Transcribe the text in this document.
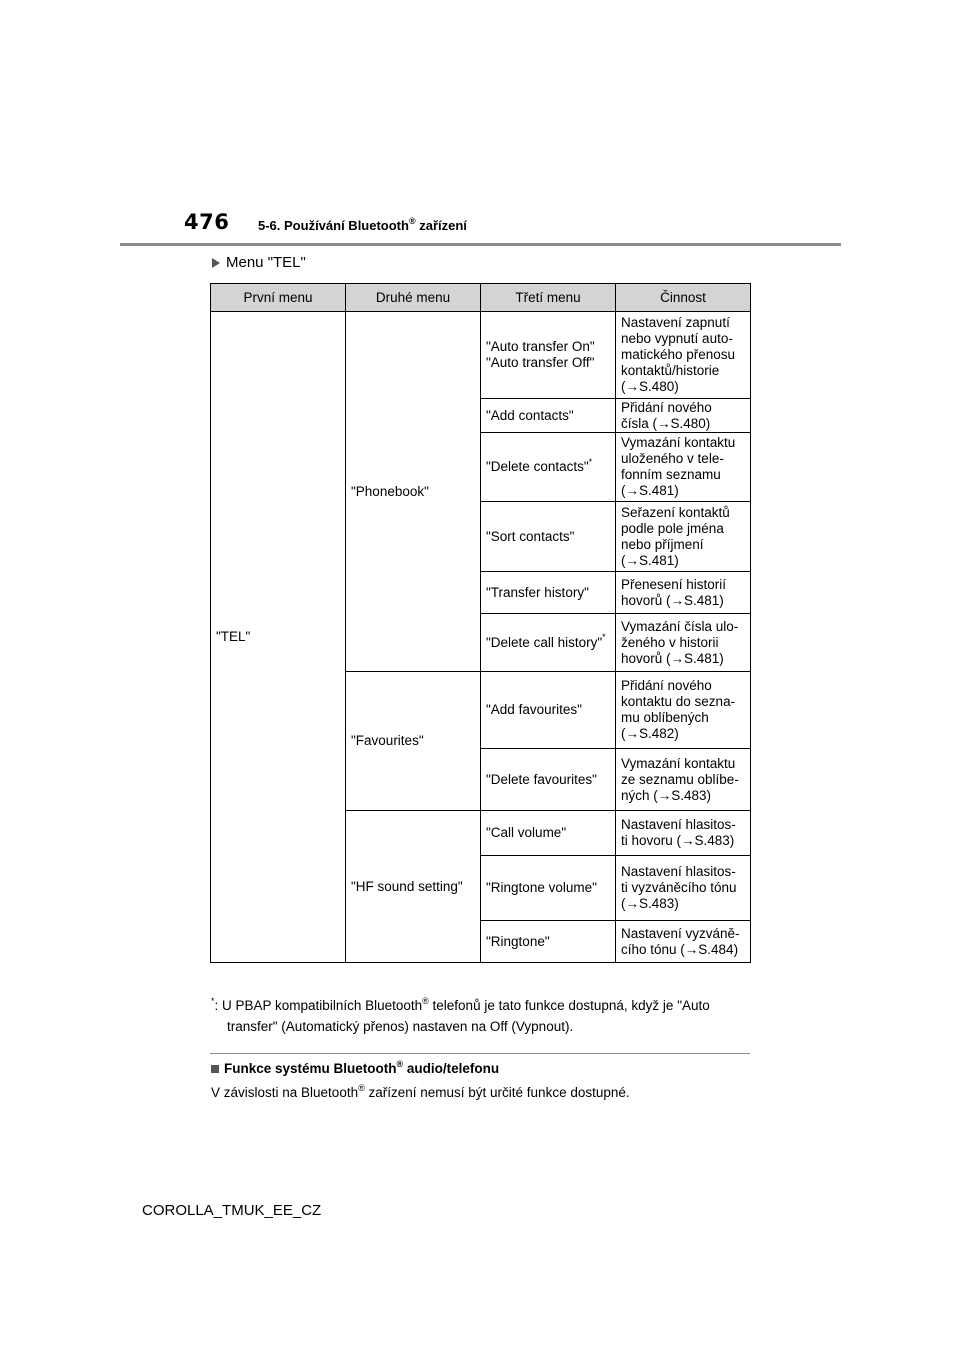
476 5-6. Používání Bluetooth® zařízení
Menu "TEL"
První menu	Druhé menu	Třetí menu	Činnost
"TEL"	"Phonebook"	"Auto transfer On"
"Auto transfer Off"	Nastavení zapnutí
nebo vypnutí auto-
matického přenosu
kontaktů/historie
(→S.480)
		"Add contacts"	Přidání nového
čísla (→S.480)
		"Delete contacts"*	Vymazání kontaktu
uloženého v tele-
fonním seznamu
(→S.481)
		"Sort contacts"	Seřazení kontaktů
podle pole jména
nebo příjmení
(→S.481)
		"Transfer history"	Přenesení historií
hovorů (→S.481)
		"Delete call history"*	Vymazání čísla ulo-
ženého v historii
hovorů (→S.481)
	"Favourites"	"Add favourites"	Přidání nového
kontaktu do sezna-
mu oblíbených
(→S.482)
		"Delete favourites"	Vymazání kontaktu
ze seznamu oblíbe-
ných (→S.483)
	"HF sound setting"	"Call volume"	Nastavení hlasitos-
ti hovoru (→S.483)
		"Ringtone volume"	Nastavení hlasitos-
ti vyzváněcího tónu
(→S.483)
		"Ringtone"	Nastavení vyzvánĕ-
cího tónu (→S.484)
*: U PBAP kompatibilních Bluetooth® telefonů je tato funkce dostupná, když je "Auto
transfer" (Automatický přenos) nastaven na Off (Vypnout).
Funkce systému Bluetooth® audio/telefonu
V závislosti na Bluetooth® zařízení nemusí být určité funkce dostupné.
COROLLA_TMUK_EE_CZ
